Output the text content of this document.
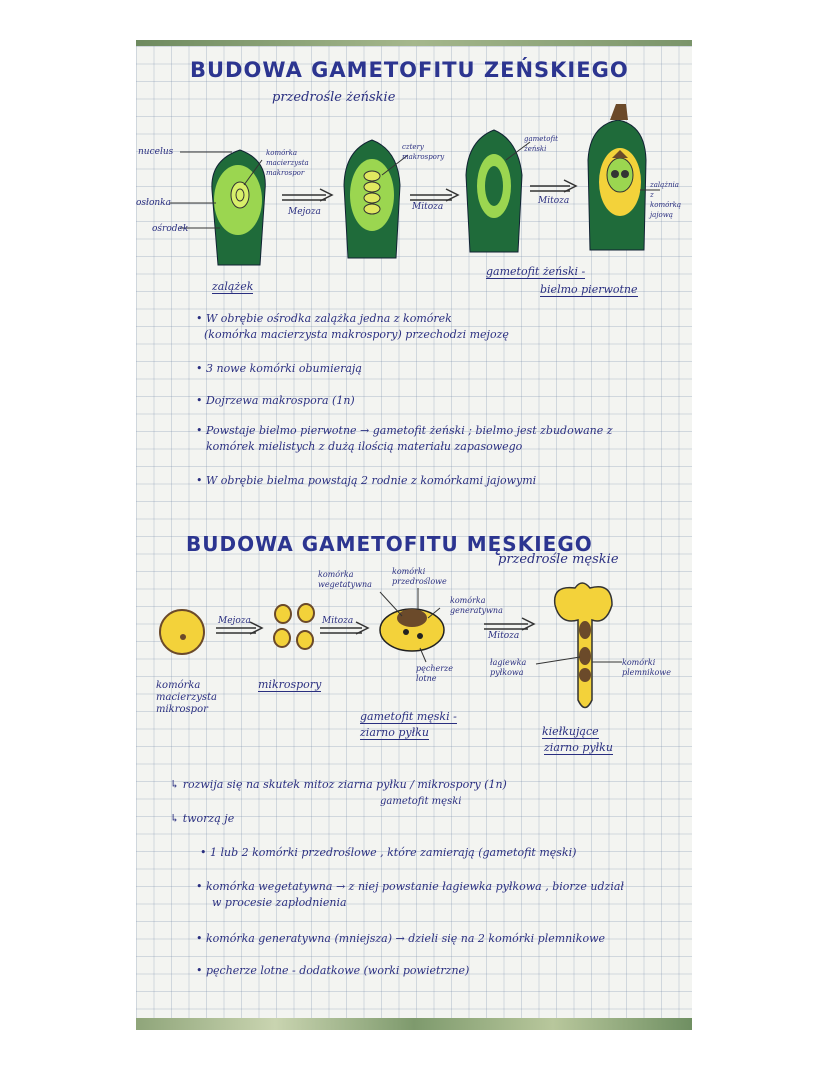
BUDOWA GAMETOFITU ZEŃSKIEGO
przedrośle żeńskie
nucelus
osłonka
ośrodek
komórka macierzysta makrospor
cztery makrospory
gametofit żeński
zalążnia z komórką jajową
Mejoza	Mitoza
Mitoza
zalążek
gametofit żeński -
bielmo pierwotne
• W obrębie ośrodka zalążka jedna z komórek
(komórka macierzysta makrospory) przechodzi mejozę
• 3 nowe komórki obumierają
• Dojrzewa makrospora (1n)
• Powstaje bielmo pierwotne → gametofit żeński ; bielmo jest zbudowane z
komórek mielistych z dużą ilością materiału zapasowego
• W obrębie bielma powstają 2 rodnie z komórkami jajowymi
BUDOWA GAMETOFITU MĘSKIEGO
przedrośle męskie
komórka wegetatywna
komórki przedroślowe
komórka generatywna
pęcherze lotne
łagiewka pyłkowa
komórki plemnikowe
Mejoza	Mitoza
Mitoza
komórka macierzysta mikrospor
mikrospory
gametofit męski -
ziarno pyłku	kiełkujące
ziarno pyłku
↳ rozwija się na skutek mitoz ziarna pyłku / mikrospory (1n)
gametofit męski
↳ tworzą je
• 1 lub 2 komórki przedroślowe , które zamierają (gametofit męski)
• komórka wegetatywna → z niej powstanie łagiewka pyłkowa , biorze udział
w procesie zapłodnienia
• komórka generatywna (mniejsza) → dzieli się na 2 komórki plemnikowe
• pęcherze lotne - dodatkowe (worki powietrzne)
